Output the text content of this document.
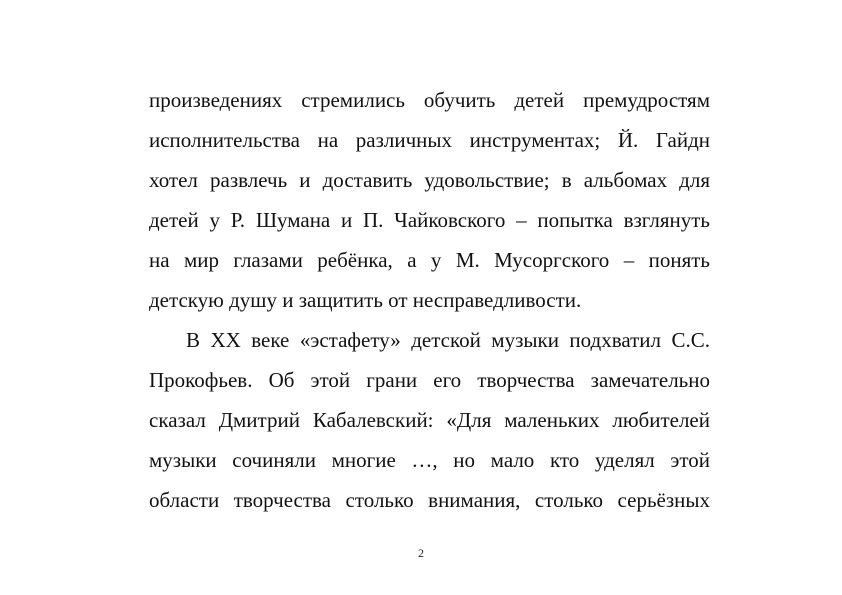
произведениях стремились обучить детей премудростям
исполнительства на различных инструментах; Й. Гайдн
хотел развлечь и доставить удовольствие; в альбомах для
детей у Р. Шумана и П. Чайковского – попытка взглянуть
на мир глазами ребёнка, а у М. Мусоргского – понять
детскую душу и защитить от несправедливости.
В XX веке «эстафету» детской музыки подхватил С.С.
Прокофьев. Об этой грани его творчества замечательно
сказал Дмитрий Кабалевский: «Для маленьких любителей
музыки сочиняли многие …, но мало кто уделял этой
области творчества столько внимания, столько серьёзных
2
